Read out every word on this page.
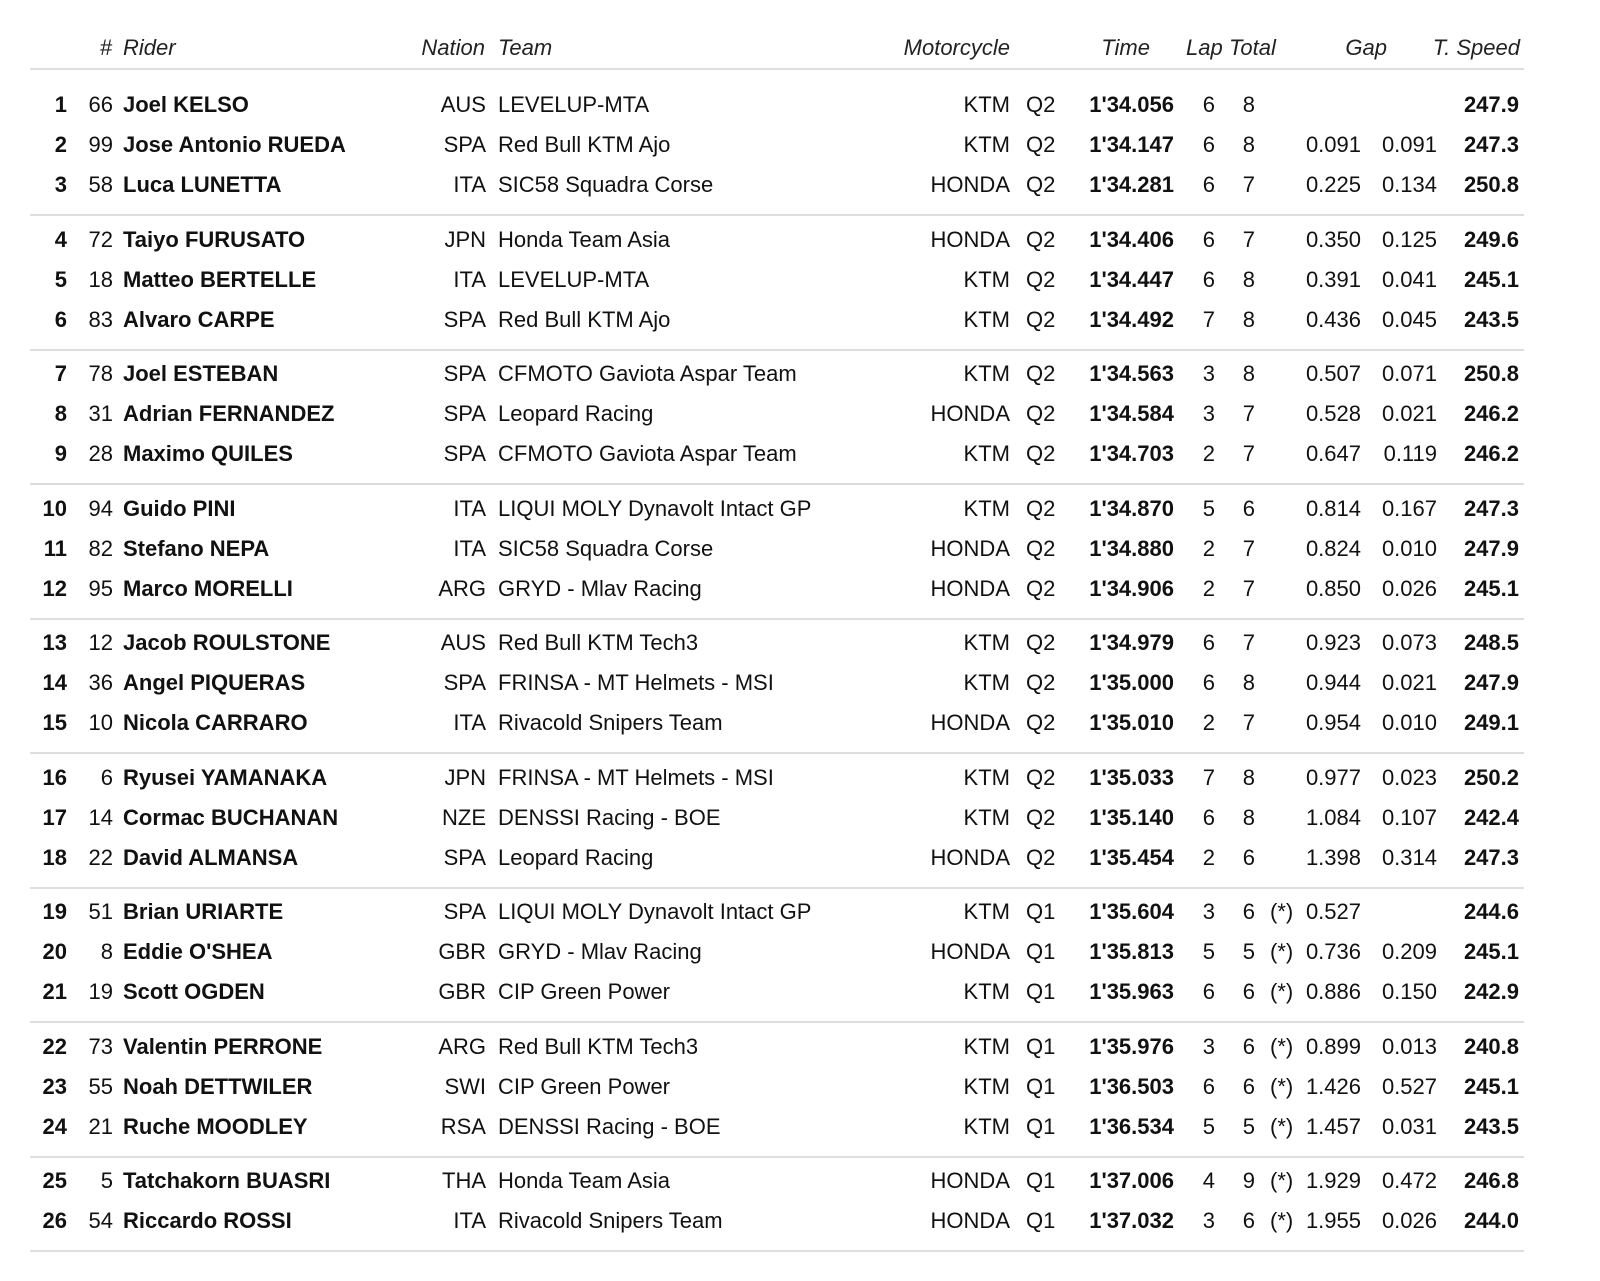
# Rider	Nation Team	Motorcycle	Time Lap Total	Gap	T. Speed
1 66 Joel KELSO	AUS LEVELUP-MTA	KTM Q2	1'34.056	6	8	247.9
2 99 Jose Antonio RUEDA	SPA Red Bull KTM Ajo	KTM Q2	1'34.147	6	8	0.091 0.091	247.3
3 58 Luca LUNETTA	ITA SIC58 Squadra Corse	HONDA Q2	1'34.281	6	7	0.225 0.134	250.8
4 72 Taiyo FURUSATO	JPN Honda Team Asia	HONDA Q2	1'34.406	6	7	0.350 0.125	249.6
5 18 Matteo BERTELLE	ITA LEVELUP-MTA	KTM Q2	1'34.447	6	8	0.391 0.041	245.1
6 83 Alvaro CARPE	SPA Red Bull KTM Ajo	KTM Q2	1'34.492	7	8	0.436 0.045	243.5
7 78 Joel ESTEBAN	SPA CFMOTO Gaviota Aspar Team	KTM Q2	1'34.563	3	8	0.507 0.071	250.8
8 31 Adrian FERNANDEZ	SPA Leopard Racing	HONDA Q2	1'34.584	3	7	0.528 0.021	246.2
9 28 Maximo QUILES	SPA CFMOTO Gaviota Aspar Team	KTM Q2	1'34.703	2	7	0.647	0.119	246.2
10 94 Guido PINI	ITA LIQUI MOLY Dynavolt Intact GP	KTM Q2	1'34.870	5	6	0.814 0.167	247.3
11 82 Stefano NEPA	ITA SIC58 Squadra Corse	HONDA Q2	1'34.880	2	7	0.824 0.010	247.9
12 95 Marco MORELLI	ARG GRYD - Mlav Racing	HONDA Q2	1'34.906	2	7	0.850 0.026	245.1
13 12 Jacob ROULSTONE	AUS Red Bull KTM Tech3	KTM Q2	1'34.979	6	7	0.923 0.073	248.5
14 36 Angel PIQUERAS	SPA FRINSA - MT Helmets - MSI	KTM Q2	1'35.000	6	8	0.944 0.021	247.9
15 10 Nicola CARRARO	ITA Rivacold Snipers Team	HONDA Q2	1'35.010	2	7	0.954 0.010	249.1
16	6 Ryusei YAMANAKA	JPN FRINSA - MT Helmets - MSI	KTM Q2	1'35.033	7	8	0.977 0.023	250.2
17 14 Cormac BUCHANAN	NZE DENSSI Racing - BOE	KTM Q2	1'35.140	6	8	1.084 0.107	242.4
18 22 David ALMANSA	SPA Leopard Racing	HONDA Q2	1'35.454	2	6	1.398 0.314	247.3
19 51 Brian URIARTE	SPA LIQUI MOLY Dynavolt Intact GP	KTM Q1	1'35.604	3	6 (*) 0.527	244.6
20	8 Eddie O'SHEA	GBR GRYD - Mlav Racing	HONDA Q1	1'35.813	5	5 (*) 0.736 0.209	245.1
21 19 Scott OGDEN	GBR CIP Green Power	KTM Q1	1'35.963	6	6 (*) 0.886 0.150	242.9
22 73 Valentin PERRONE	ARG Red Bull KTM Tech3	KTM Q1	1'35.976	3	6 (*) 0.899 0.013	240.8
23 55 Noah DETTWILER	SWI CIP Green Power	KTM Q1	1'36.503	6	6 (*) 1.426 0.527	245.1
24 21 Ruche MOODLEY	RSA DENSSI Racing - BOE	KTM Q1	1'36.534	5	5 (*) 1.457 0.031	243.5
25	5 Tatchakorn BUASRI	THA Honda Team Asia	HONDA Q1	1'37.006	4	9 (*) 1.929 0.472	246.8
26 54 Riccardo ROSSI	ITA Rivacold Snipers Team	HONDA Q1	1'37.032	3	6 (*) 1.955 0.026	244.0
